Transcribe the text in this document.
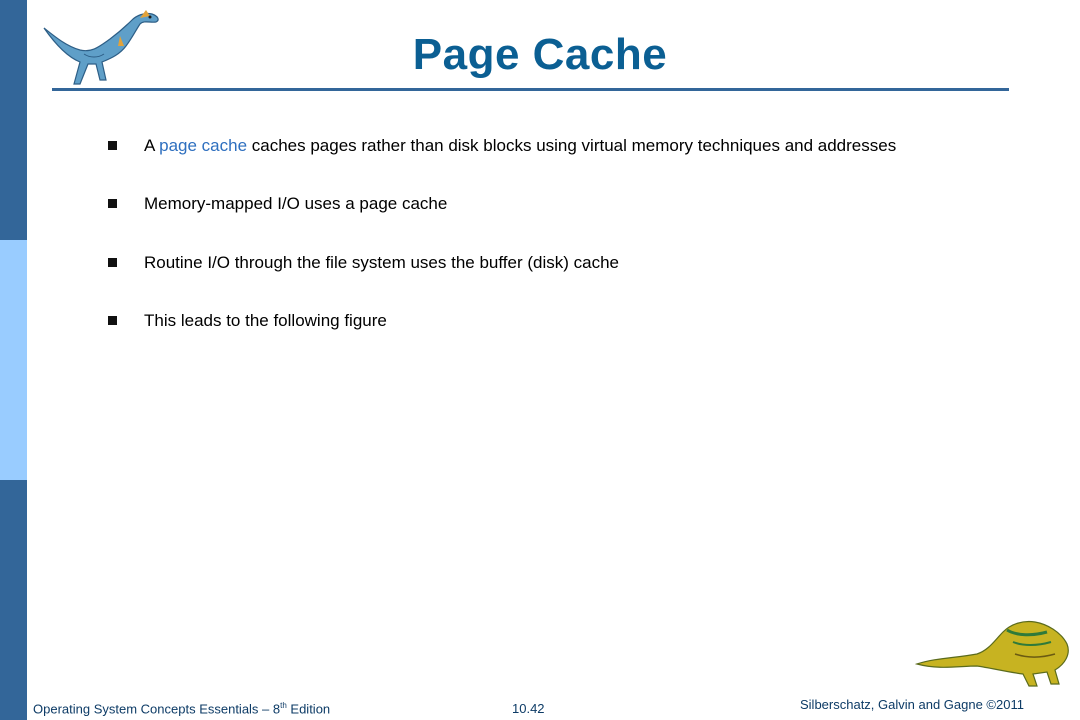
Page Cache
A page cache caches pages rather than disk blocks using virtual memory techniques and addresses
Memory-mapped I/O uses a page cache
Routine I/O through the file system uses the buffer (disk) cache
This leads to the following figure
Operating System Concepts Essentials – 8th Edition	10.42	Silberschatz, Galvin and Gagne ©2011
